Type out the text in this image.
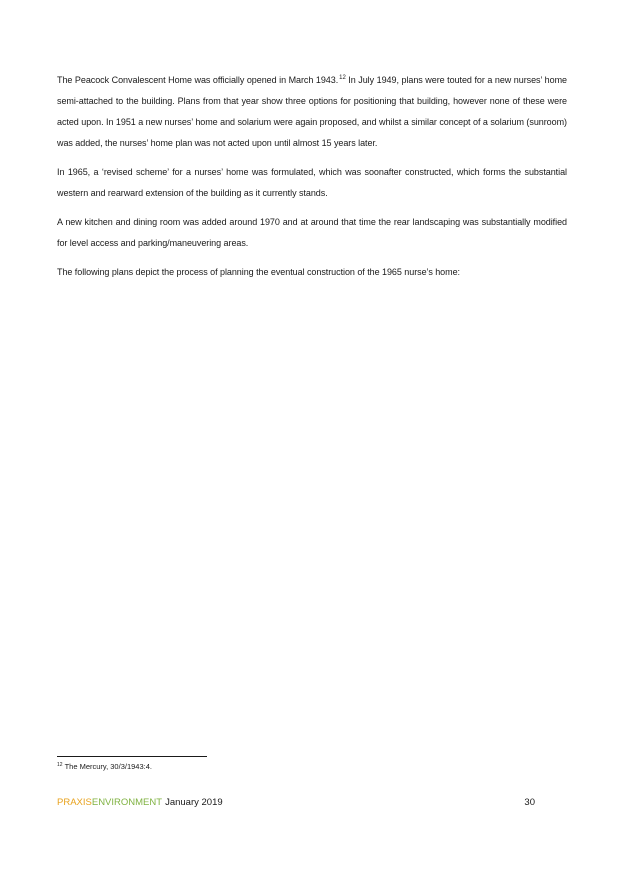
The Peacock Convalescent Home was officially opened in March 1943.12 In July 1949, plans were touted for a new nurses’ home semi-attached to the building. Plans from that year show three options for positioning that building, however none of these were acted upon. In 1951 a new nurses’ home and solarium were again proposed, and whilst a similar concept of a solarium (sunroom) was added, the nurses’ home plan was not acted upon until almost 15 years later.

In 1965, a ‘revised scheme’ for a nurses’ home was formulated, which was soonafter constructed, which forms the substantial western and rearward extension of the building as it currently stands.

A new kitchen and dining room was added around 1970 and at around that time the rear landscaping was substantially modified for level access and parking/maneuvering areas.

The following plans depict the process of planning the eventual construction of the 1965 nurse’s home:

$^{12}$ The Mercury, 30/3/1943:4.
PRAXISENVIRONMENT January 2019	30
